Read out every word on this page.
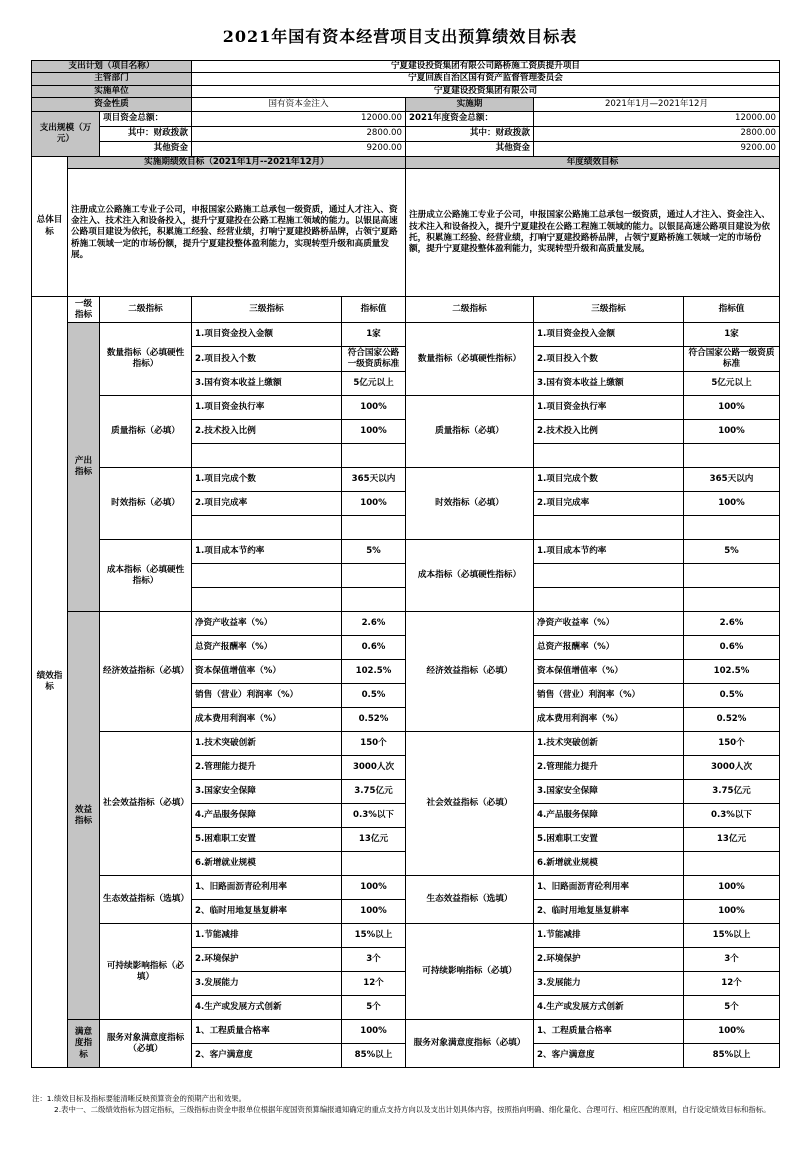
2021年国有资本经营项目支出预算绩效目标表
支出计划（项目名称）			宁夏建设投资集团有限公司路桥施工资质提升项目				
主管部门			宁夏回族自治区国有资产监督管理委员会				
实施单位			宁夏建设投资集团有限公司				
资金性质			国有资本金注入		实施期	2021年1月—2021年12月	
支出规模（万元）		项目资金总额：	12000.00		2021年度资金总额：	12000.00	
		其中：财政拨款	2800.00		其中：财政拨款	2800.00	
		其他资金	9200.00		其他资金	9200.00	
总体目标	实施期绩效目标（2021年1月--2021年12月）				年度绩效目标		
	注册成立公路施工专业子公司，申报国家公路施工总承包一级资质，通过人才注入、资金注入、技术注入和设备投入，提升宁夏建投在公路工程施工领域的能力。以银昆高速公路项目建设为依托，积累施工经验、经营业绩，打响宁夏建投路桥品牌，占领宁夏路桥施工领域一定的市场份额，提升宁夏建投整体盈利能力，实现转型升级和高质量发展。				注册成立公路施工专业子公司，申报国家公路施工总承包一级资质，通过人才注入、资金注入、技术注入和设备投入，提升宁夏建投在公路工程施工领域的能力。以银昆高速公路项目建设为依托，积累施工经验、经营业绩，打响宁夏建投路桥品牌，占领宁夏路桥施工领域一定的市场份额，提升宁夏建投整体盈利能力，实现转型升级和高质量发展。		
绩效指标	一级指标	二级指标	三级指标	指标值	二级指标	三级指标	指标值
	产出指标	数量指标（必填硬性指标）	1.项目资金投入金额	1家	数量指标（必填硬性指标）	1.项目资金投入金额	1家
			2.项目投入个数	符合国家公路一级资质标准		2.项目投入个数	符合国家公路一级资质标准
			3.国有资本收益上缴额	5亿元以上		3.国有资本收益上缴额	5亿元以上
		质量指标（必填）	1.项目资金执行率	100%	质量指标（必填）	1.项目资金执行率	100%
			2.技术投入比例	100%		2.技术投入比例	100%

		时效指标（必填）	1.项目完成个数	365天以内	时效指标（必填）	1.项目完成个数	365天以内
			2.项目完成率	100%		2.项目完成率	100%

		成本指标（必填硬性指标）	1.项目成本节约率	5%	成本指标（必填硬性指标）	1.项目成本节约率	5%

	效益指标	经济效益指标（必填）	净资产收益率（%）	2.6%	经济效益指标（必填）	净资产收益率（%）	2.6%
			总资产报酬率（%）	0.6%		总资产报酬率（%）	0.6%
			资本保值增值率（%）	102.5%		资本保值增值率（%）	102.5%
			销售（营业）利润率（%）	0.5%		销售（营业）利润率（%）	0.5%
			成本费用利润率（%）	0.52%		成本费用利润率（%）	0.52%
		社会效益指标（必填）	1.技术突破创新	150个	社会效益指标（必填）	1.技术突破创新	150个
			2.管理能力提升	3000人次		2.管理能力提升	3000人次
			3.国家安全保障	3.75亿元		3.国家安全保障	3.75亿元
			4.产品服务保障	0.3%以下		4.产品服务保障	0.3%以下
			5.困难职工安置	13亿元		5.困难职工安置	13亿元
			6.新增就业规模			6.新增就业规模	
		生态效益指标（选填）	1、旧路面沥青砼利用率	100%	生态效益指标（选填）	1、旧路面沥青砼利用率	100%
			2、临时用地复垦复耕率	100%		2、临时用地复垦复耕率	100%
		可持续影响指标（必填）	1.节能减排	15%以上	可持续影响指标（必填）	1.节能减排	15%以上
			2.环境保护	3个		2.环境保护	3个
			3.发展能力	12个		3.发展能力	12个
			4.生产或发展方式创新	5个		4.生产或发展方式创新	5个
	满意度指标	服务对象满意度指标（必填）	1、工程质量合格率	100%	服务对象满意度指标（必填）	1、工程质量合格率	100%
			2、客户满意度	85%以上		2、客户满意度	85%以上
注：1.绩效目标及指标要能清晰反映预算资金的预期产出和效果。
2.表中一、二级绩效指标为固定指标，三级指标由资金申报单位根据年度国资预算编报通知确定的重点支持方向以及支出计划具体内容，按照指向明确、细化量化、合理可行、相应匹配的原则，自行设定绩效目标和指标。
